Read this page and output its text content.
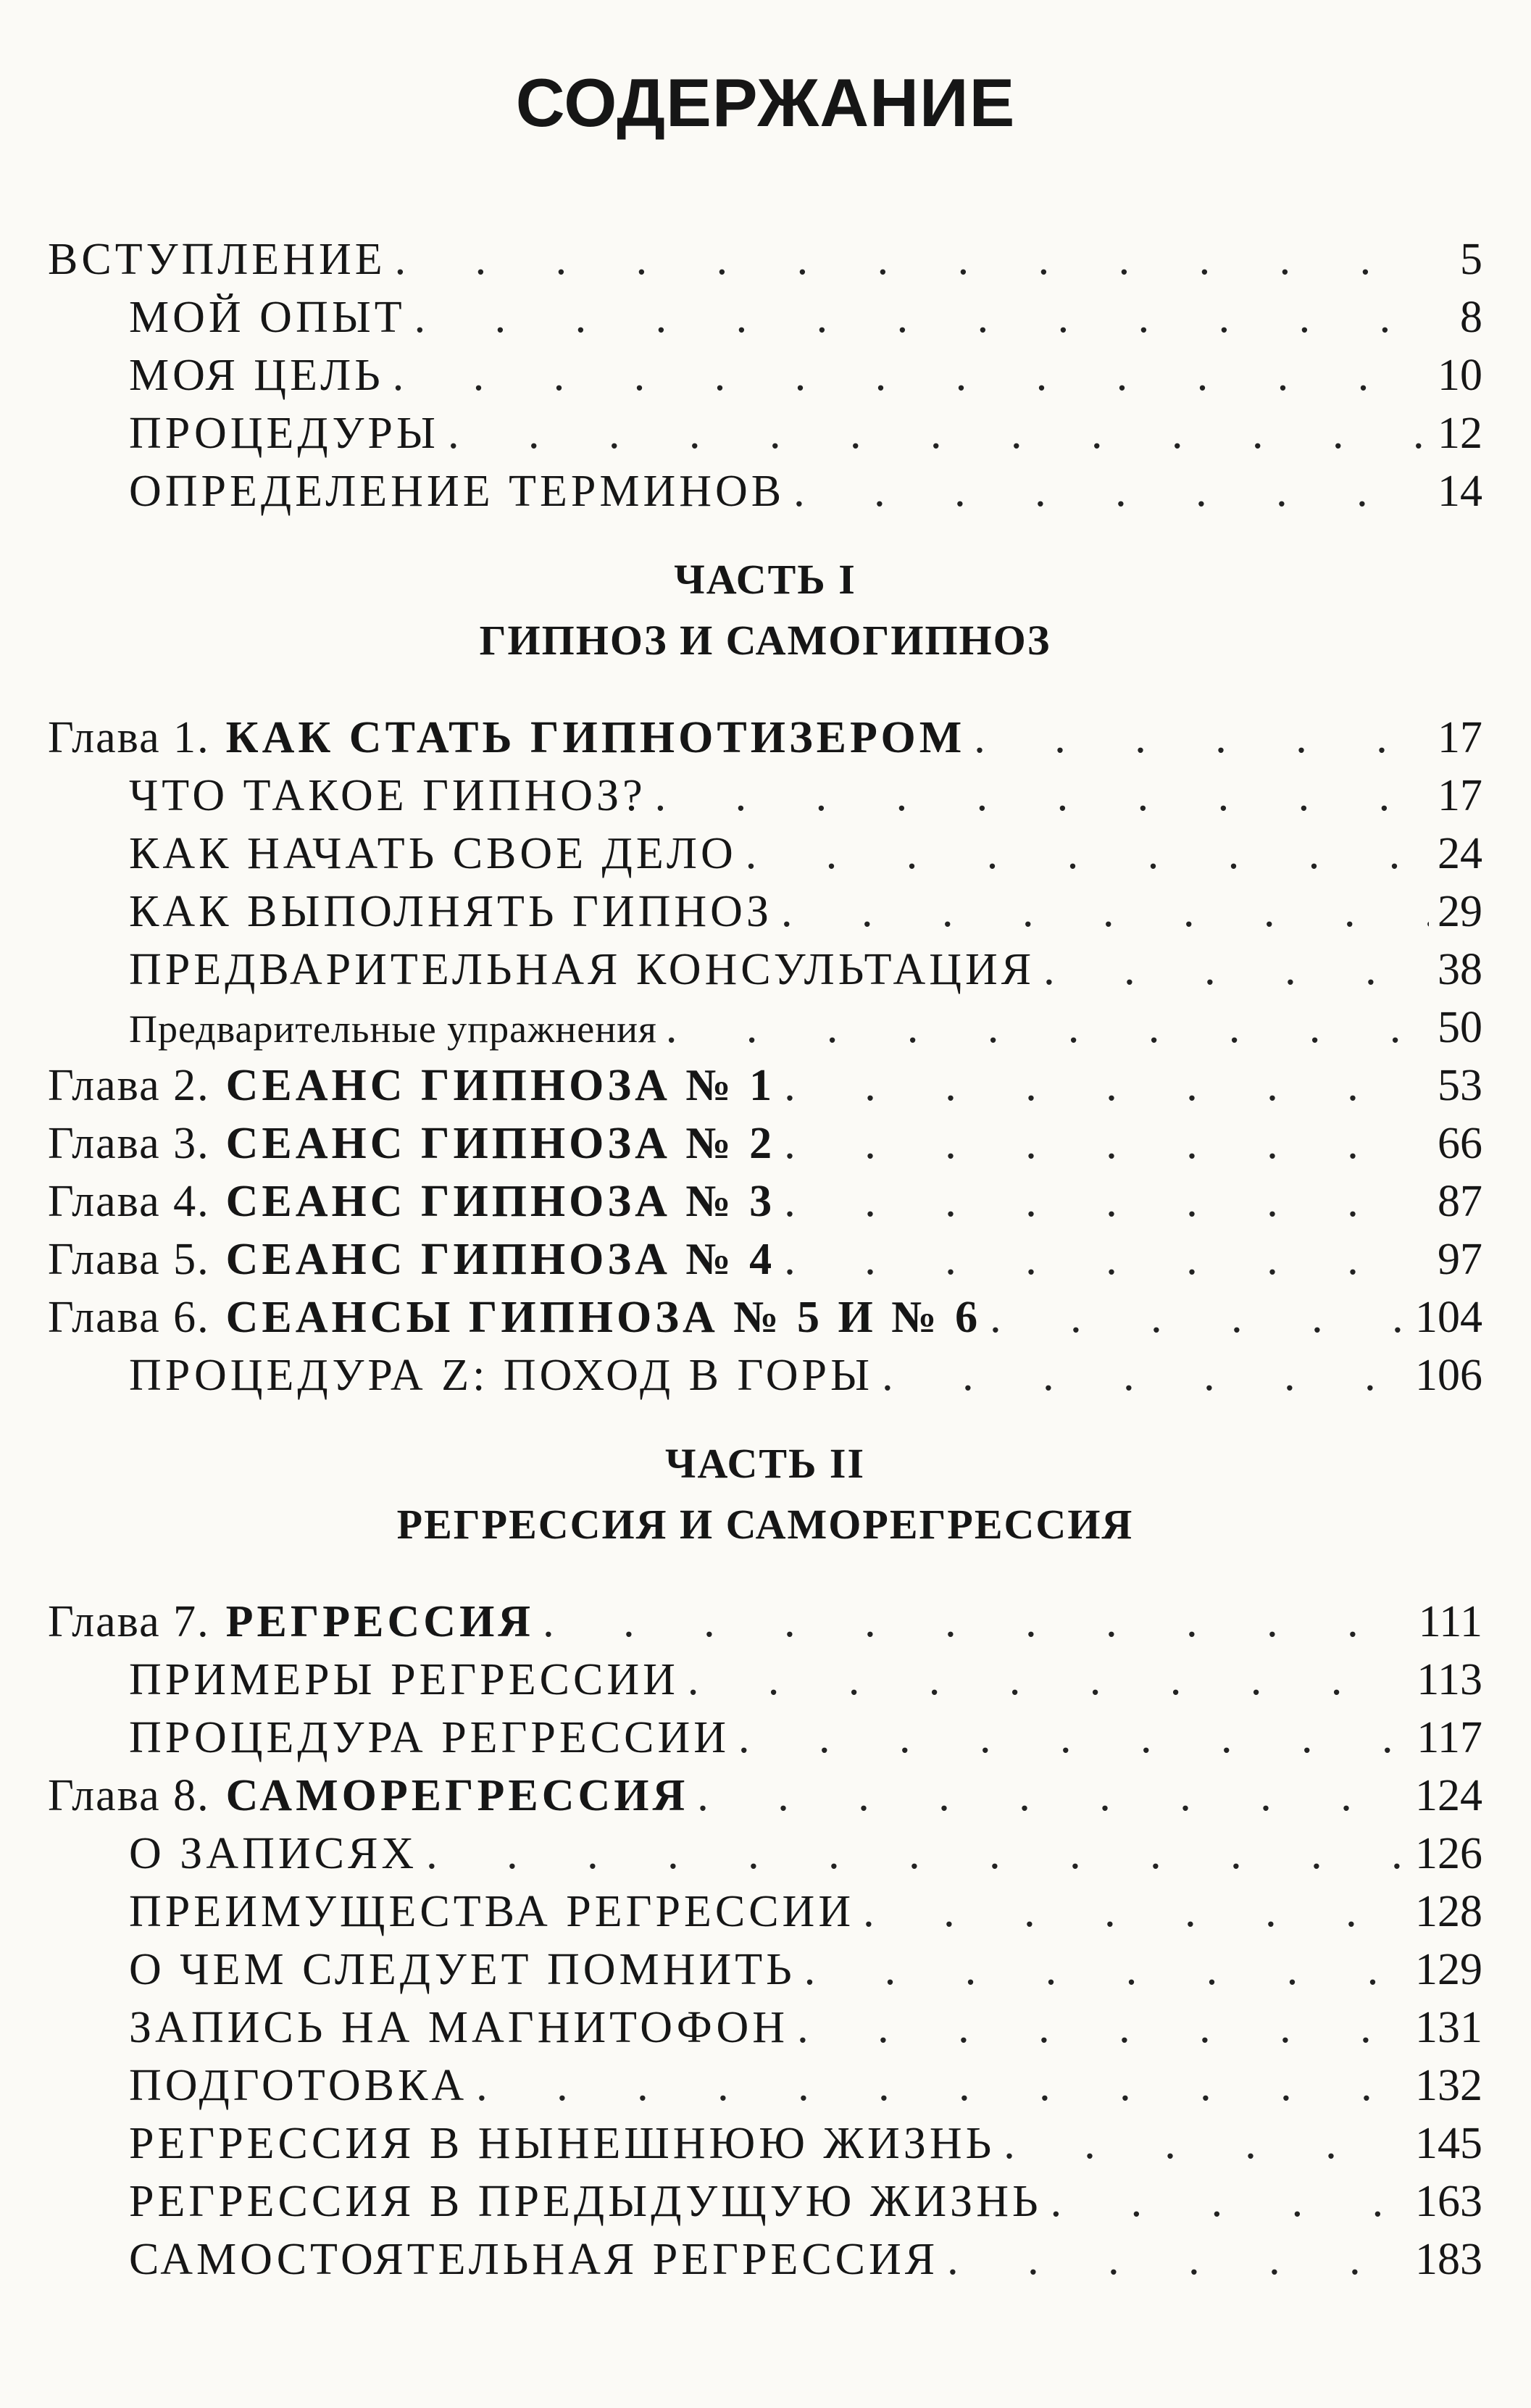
СОДЕРЖАНИЕ
ВСТУПЛЕНИЕ . . .	5
МОЙ ОПЫТ . . .	8
МОЯ ЦЕЛЬ . . .	10
ПРОЦЕДУРЫ . . .	12
ОПРЕДЕЛЕНИЕ ТЕРМИНОВ . . .	14
ЧАСТЬ I
ГИПНОЗ И САМОГИПНОЗ
Глава 1. КАК СТАТЬ ГИПНОТИЗЕРОМ . . .	17
ЧТО ТАКОЕ ГИПНОЗ? . . .	17
КАК НАЧАТЬ СВОЕ ДЕЛО . . .	24
КАК ВЫПОЛНЯТЬ ГИПНОЗ . . .	29
ПРЕДВАРИТЕЛЬНАЯ КОНСУЛЬТАЦИЯ . . .	38
Предварительные упражнения . . .	50
Глава 2. СЕАНС ГИПНОЗА № 1 . . .	53
Глава 3. СЕАНС ГИПНОЗА № 2 . . .	66
Глава 4. СЕАНС ГИПНОЗА № 3 . . .	87
Глава 5. СЕАНС ГИПНОЗА № 4 . . .	97
Глава 6. СЕАНСЫ ГИПНОЗА № 5 И № 6 . . .	104
ПРОЦЕДУРА Z: ПОХОД В ГОРЫ . . .	106
ЧАСТЬ II
РЕГРЕССИЯ И САМОРЕГРЕССИЯ
Глава 7. РЕГРЕССИЯ . . .	111
ПРИМЕРЫ РЕГРЕССИИ . . .	113
ПРОЦЕДУРА РЕГРЕССИИ . . .	117
Глава 8. САМОРЕГРЕССИЯ . . .	124
О ЗАПИСЯХ . . .	126
ПРЕИМУЩЕСТВА РЕГРЕССИИ . . .	128
О ЧЕМ СЛЕДУЕТ ПОМНИТЬ . . .	129
ЗАПИСЬ НА МАГНИТОФОН . . .	131
ПОДГОТОВКА . . .	132
РЕГРЕССИЯ В НЫНЕШНЮЮ ЖИЗНЬ . . .	145
РЕГРЕССИЯ В ПРЕДЫДУЩУЮ ЖИЗНЬ . . .	163
САМОСТОЯТЕЛЬНАЯ РЕГРЕССИЯ . . .	183
